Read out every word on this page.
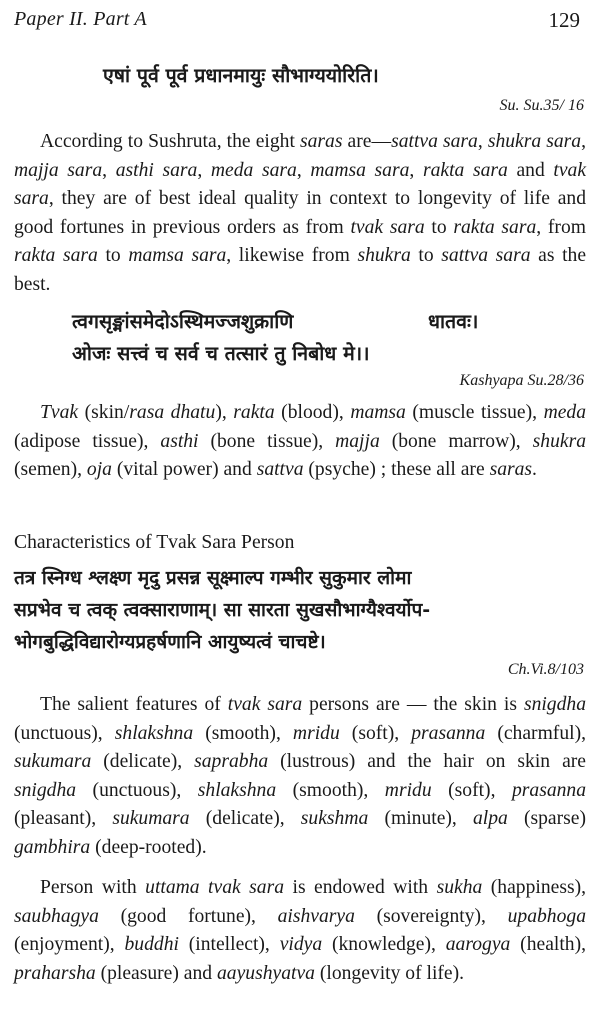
Paper II. Part A	129
एषां पूर्व पूर्व प्रधानमायुः सौभाग्ययोरिति।
Su. Su.35/ 16

According to Sushruta, the eight saras are—sattva sara, shukra sara, majja sara, asthi sara, meda sara, mamsa sara, rakta sara and tvak sara, they are of best ideal quality in context to longevity of life and good fortunes in previous orders as from tvak sara to rakta sara, from rakta sara to mamsa sara, likewise from shukra to sattva sara as the best.

त्वगसृङ्मांसमेदोऽस्थिमज्जशुक्राणि	धातवः।
ओजः सत्त्वं च सर्व च तत्सारं तु निबोध मे।।
Kashyapa Su.28/36

Tvak (skin/rasa dhatu), rakta (blood), mamsa (muscle tissue), meda (adipose tissue), asthi (bone tissue), majja (bone marrow), shukra (semen), oja (vital power) and sattva (psyche) ; these all are saras.

Characteristics of Tvak Sara Person
तत्र स्निग्ध श्लक्ष्ण मृदु प्रसन्न सूक्ष्माल्प गम्भीर सुकुमार लोमा
सप्रभेव च त्वक् त्वक्साराणाम्। सा सारता सुखसौभाग्यैश्वर्योप-
भोगबुद्धिविद्यारोग्यप्रहर्षणानि आयुष्यत्वं चाचष्टे।
Ch.Vi.8/103

The salient features of tvak sara persons are — the skin is snigdha (unctuous), shlakshna (smooth), mridu (soft), prasanna (charmful), sukumara (delicate), saprabha (lustrous) and the hair on skin are snigdha (unctuous), shlakshna (smooth), mridu (soft), prasanna (pleasant), sukumara (delicate), sukshma (minute), alpa (sparse) gambhira (deep-rooted).

Person with uttama tvak sara is endowed with sukha (happiness), saubhagya (good fortune), aishvarya (sovereignty), upabhoga (enjoyment), buddhi (intellect), vidya (knowledge), aarogya (health), praharsha (pleasure) and aayushyatva (longevity of life).
